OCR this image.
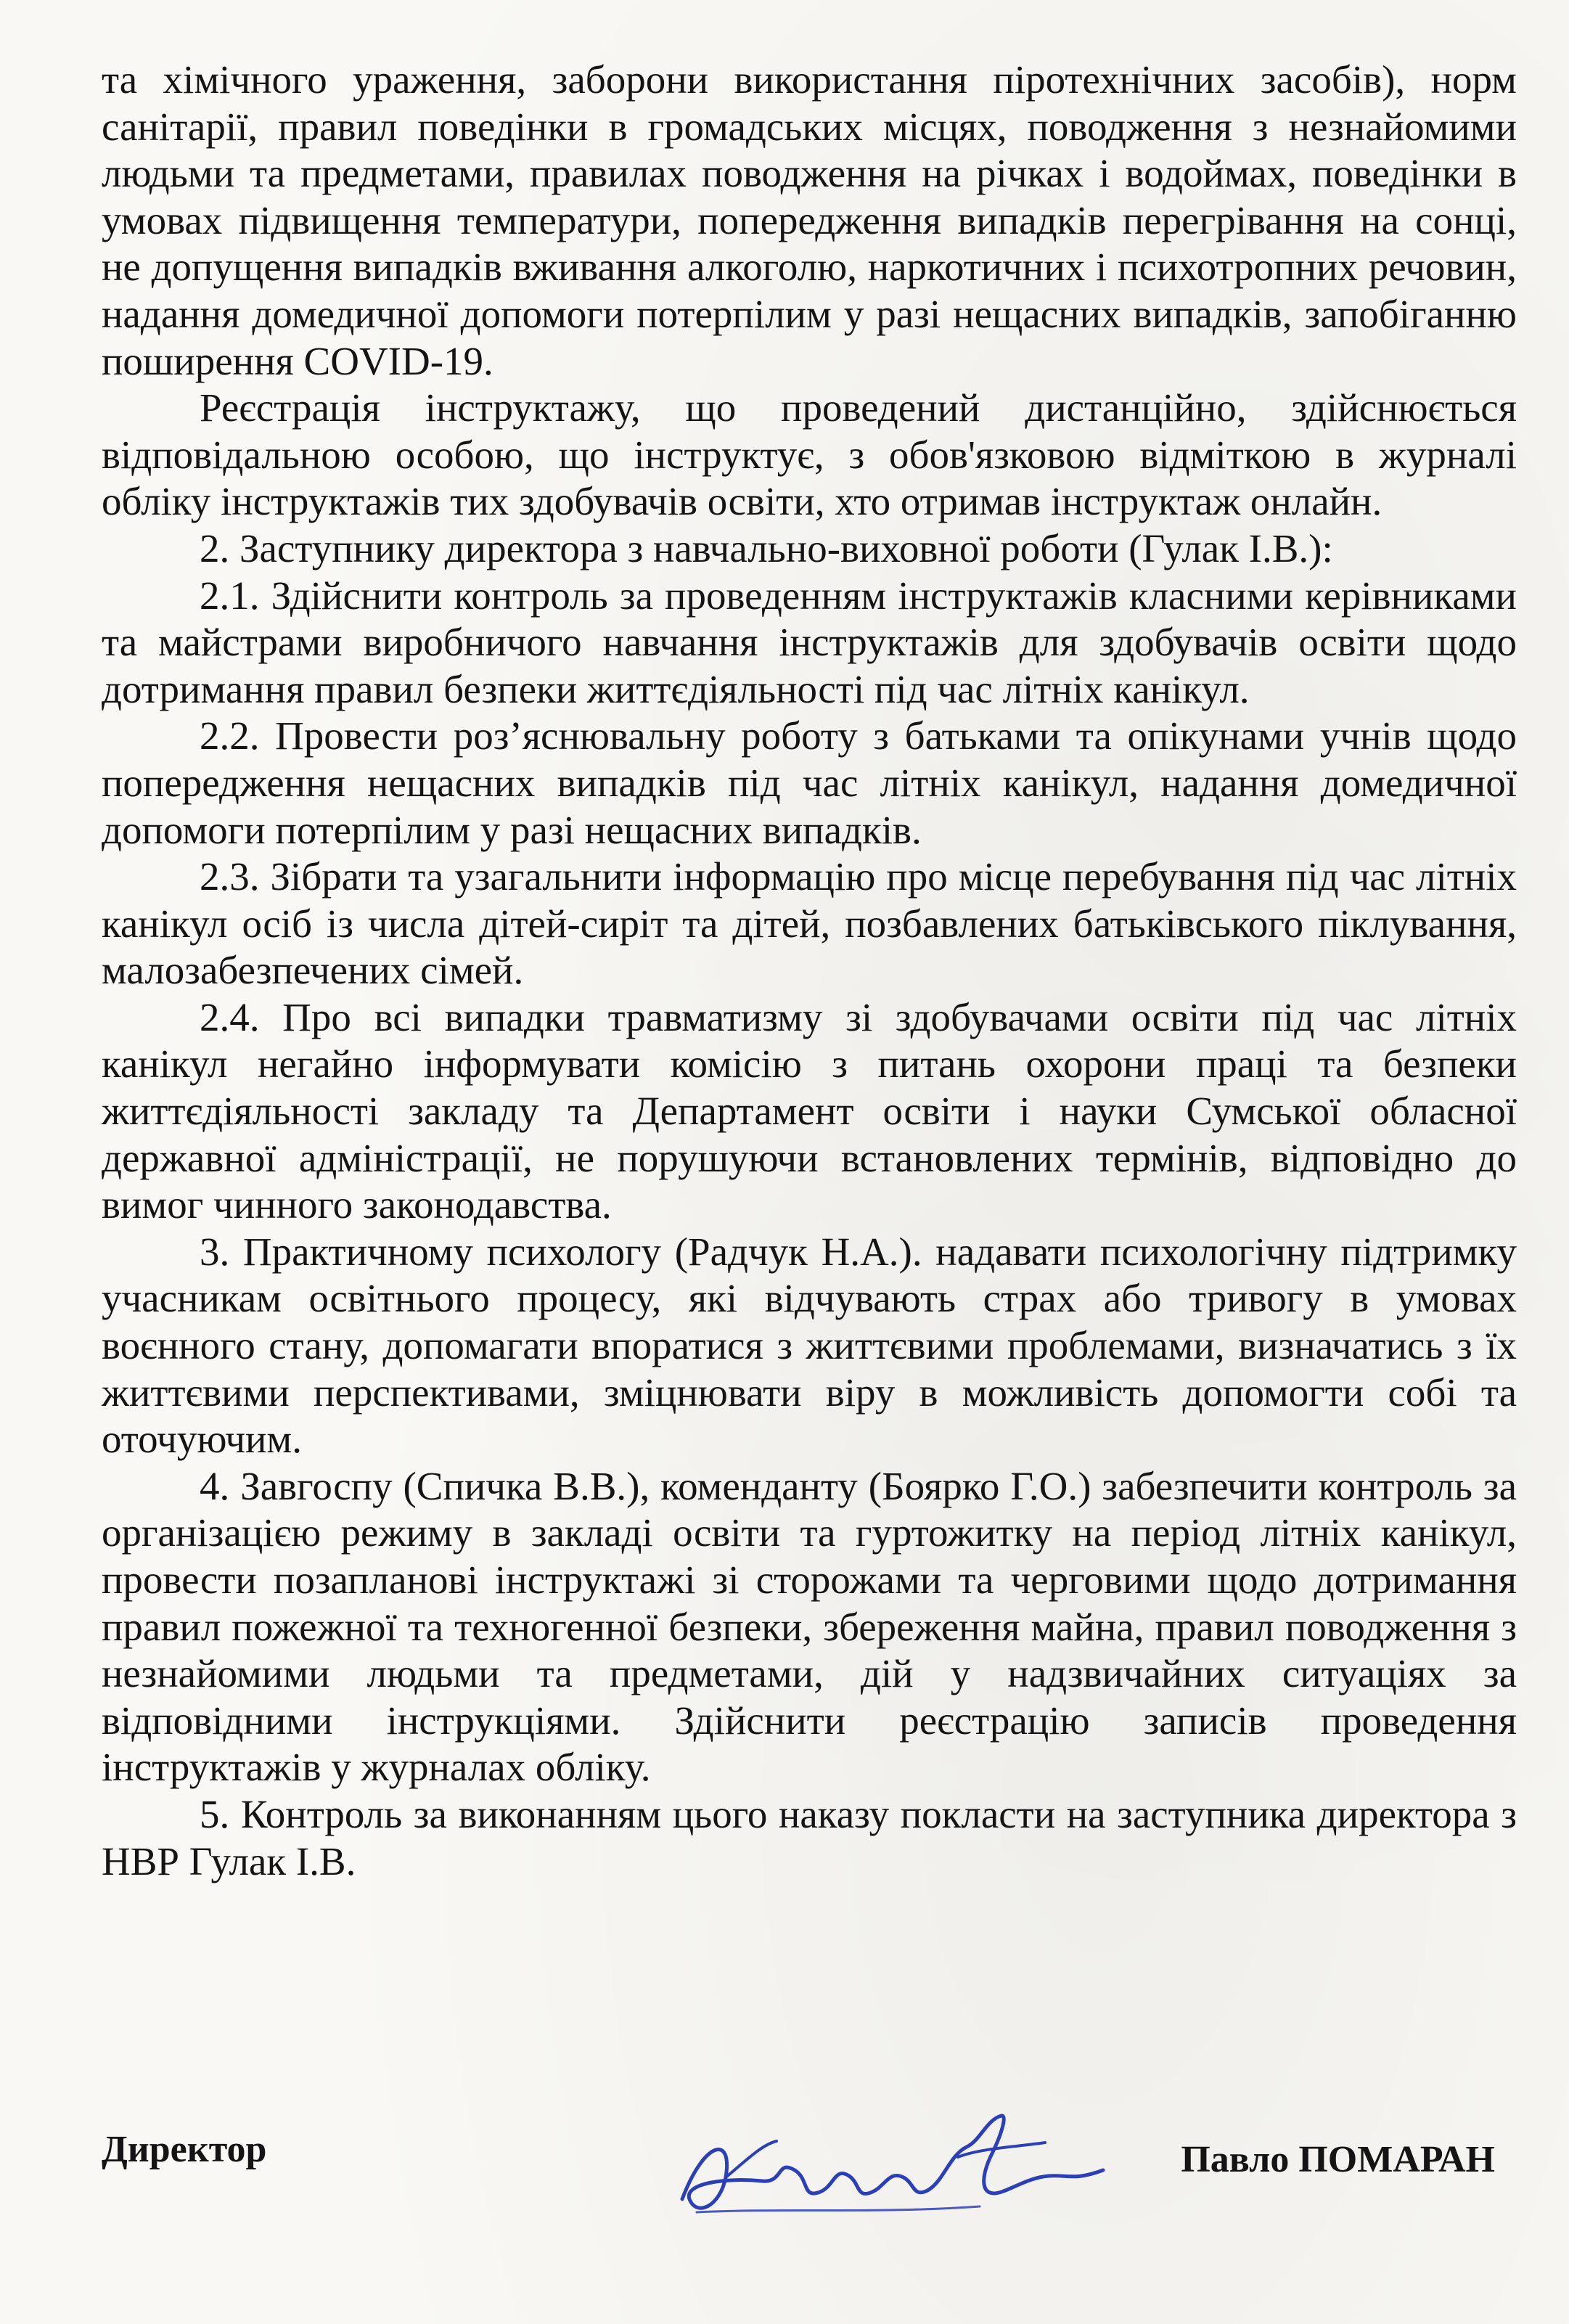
та хімічного ураження, заборони використання піротехнічних засобів), норм санітарії, правил поведінки в громадських місцях, поводження з незнайомими людьми та предметами, правилах поводження на річках і водоймах, поведінки в умовах підвищення температури, попередження випадків перегрівання на сонці, не допущення випадків вживання алкоголю, наркотичних і психотропних речовин, надання домедичної допомоги потерпілим у разі нещасних випадків, запобіганню поширення COVID-19.

Реєстрація інструктажу, що проведений дистанційно, здійснюється відповідальною особою, що інструктує, з обов'язковою відміткою в журналі обліку інструктажів тих здобувачів освіти, хто отримав інструктаж онлайн.

2. Заступнику директора з навчально-виховної роботи (Гулак І.В.):

2.1. Здійснити контроль за проведенням інструктажів класними керівниками та майстрами виробничого навчання інструктажів для здобувачів освіти щодо дотримання правил безпеки життєдіяльності під час літніх канікул.

2.2. Провести роз’яснювальну роботу з батьками та опікунами учнів щодо попередження нещасних випадків під час літніх канікул, надання домедичної допомоги потерпілим у разі нещасних випадків.

2.3. Зібрати та узагальнити інформацію про місце перебування під час літніх канікул осіб із числа дітей-сиріт та дітей, позбавлених батьківського піклування, малозабезпечених сімей.

2.4. Про всі випадки травматизму зі здобувачами освіти під час літніх канікул негайно інформувати комісію з питань охорони праці та безпеки життєдіяльності закладу та Департамент освіти і науки Сумської обласної державної адміністрації, не порушуючи встановлених термінів, відповідно до вимог чинного законодавства.

3. Практичному психологу (Радчук Н.А.). надавати психологічну підтримку учасникам освітнього процесу, які відчувають страх або тривогу в умовах воєнного стану, допомагати впоратися з життєвими проблемами, визначатись з їх життєвими перспективами, зміцнювати віру в можливість допомогти собі та оточуючим.

4. Завгоспу (Спичка В.В.), коменданту (Боярко Г.О.) забезпечити контроль за організацією режиму в закладі освіти та гуртожитку на період літніх канікул, провести позапланові інструктажі зі сторожами та черговими щодо дотримання правил пожежної та техногенної безпеки, збереження майна, правил поводження з незнайомими людьми та предметами, дій у надзвичайних ситуаціях за відповідними інструкціями. Здійснити реєстрацію записів проведення інструктажів у журналах обліку.

5. Контроль за виконанням цього наказу покласти на заступника директора з НВР Гулак І.В.

Директор	Павло ПОМАРАН
